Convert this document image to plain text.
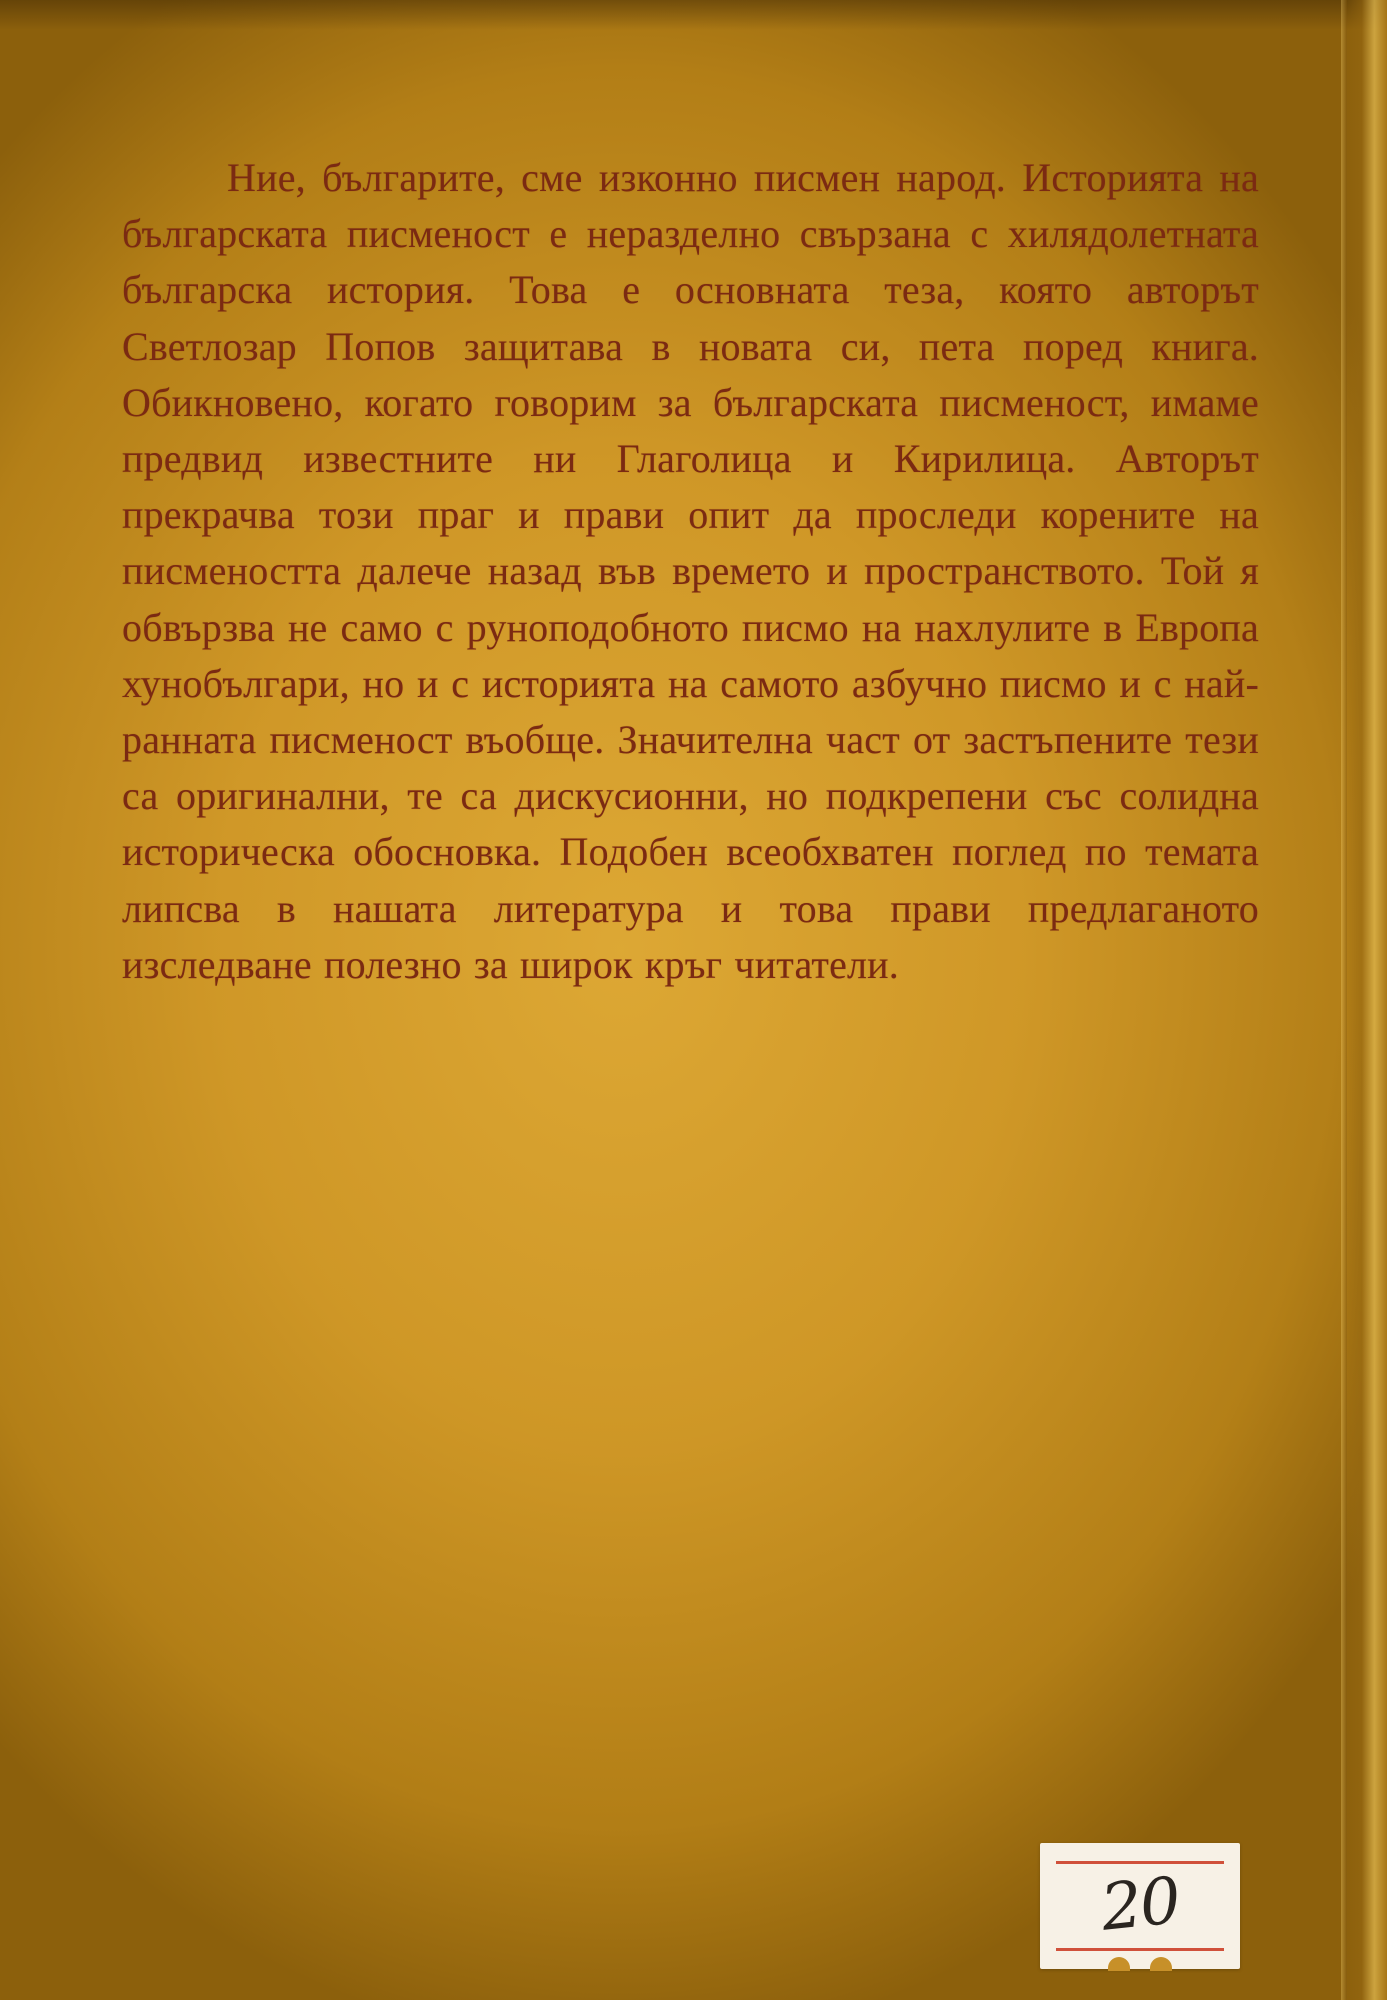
Ние, българите, сме изконно писмен народ. Историята на българската писменост е неразделно свързана с хилядолетната българска история. Това е основната теза, която авторът Светлозар Попов защитава в новата си, пета поред книга. Обикновено, когато говорим за българската писменост, имаме предвид известните ни Глаголица и Кирилица. Авторът прекрачва този праг и прави опит да проследи корените на писмеността далече назад във времето и пространството. Той я обвързва не само с руноподобното писмо на нахлулите в Европа хунобългари, но и с историята на самото азбучно писмо и с най-ранната писменост въобще. Значителна част от застъпените тези са оригинални, те са дискусионни, но подкрепени със солидна историческа обосновка. Подобен всеобхватен поглед по темата липсва в нашата литература и това прави предлаганото изследване полезно за широк кръг читатели.

20
